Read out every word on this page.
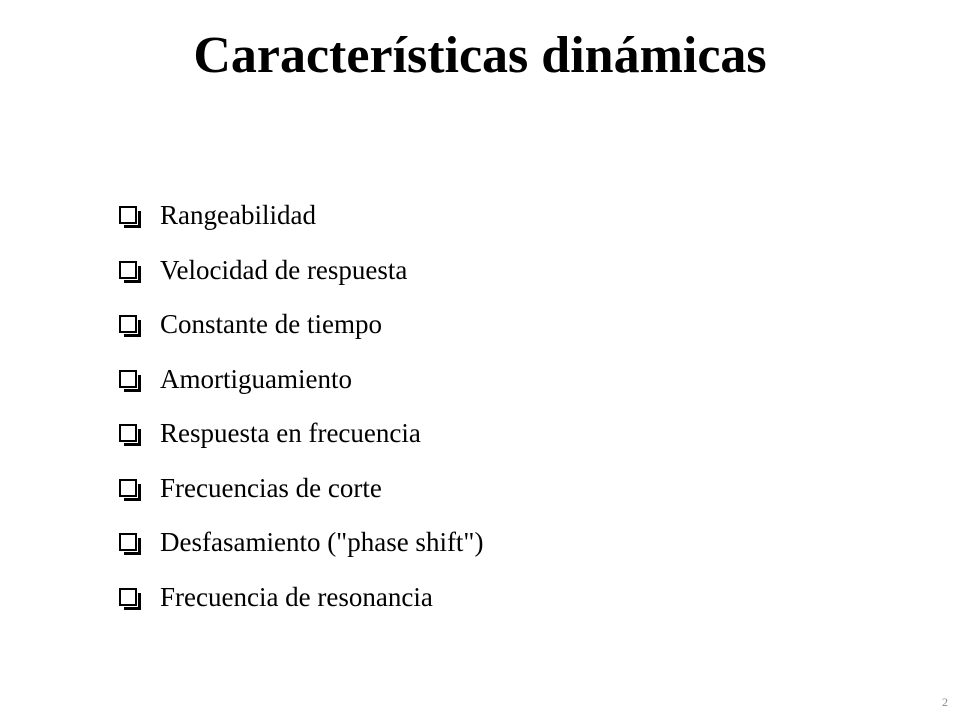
Características dinámicas
Rangeabilidad
Velocidad de respuesta
Constante de tiempo
Amortiguamiento
Respuesta en frecuencia
Frecuencias de corte
Desfasamiento ("phase shift")
Frecuencia de resonancia
2
